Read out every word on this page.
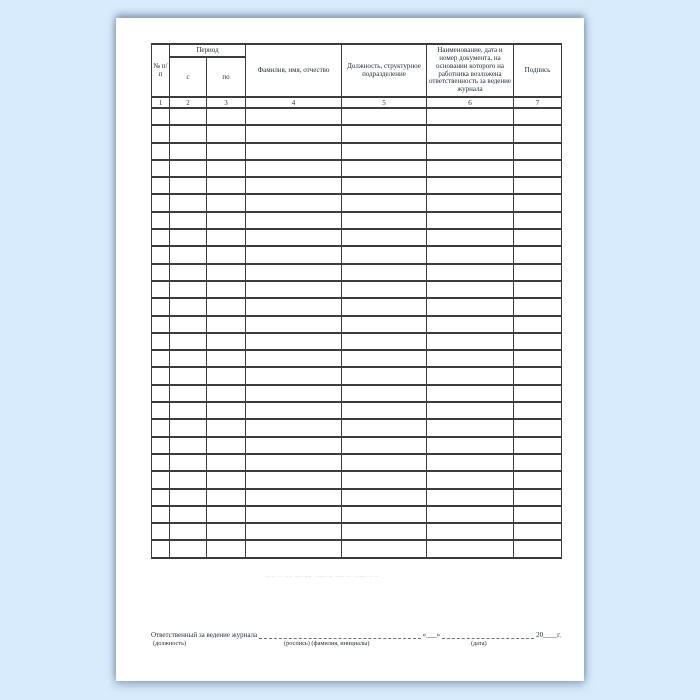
№ п/п	Период		Фамилия, имя, отчество	Должность, структурное подразделение	Наименование, дата и номер документа, на основании которого на работника возложена ответственность за ведение журнала	Подпись
	с	по				
1	2	3	4	5	6	7

–·– ···–– ––·–– ·–––·– ––··– ·––– –·–
Ответственный за ведение журнала	«___»	20____г.
(должность)	(роспись) (фамилия, инициалы)	(дата)
